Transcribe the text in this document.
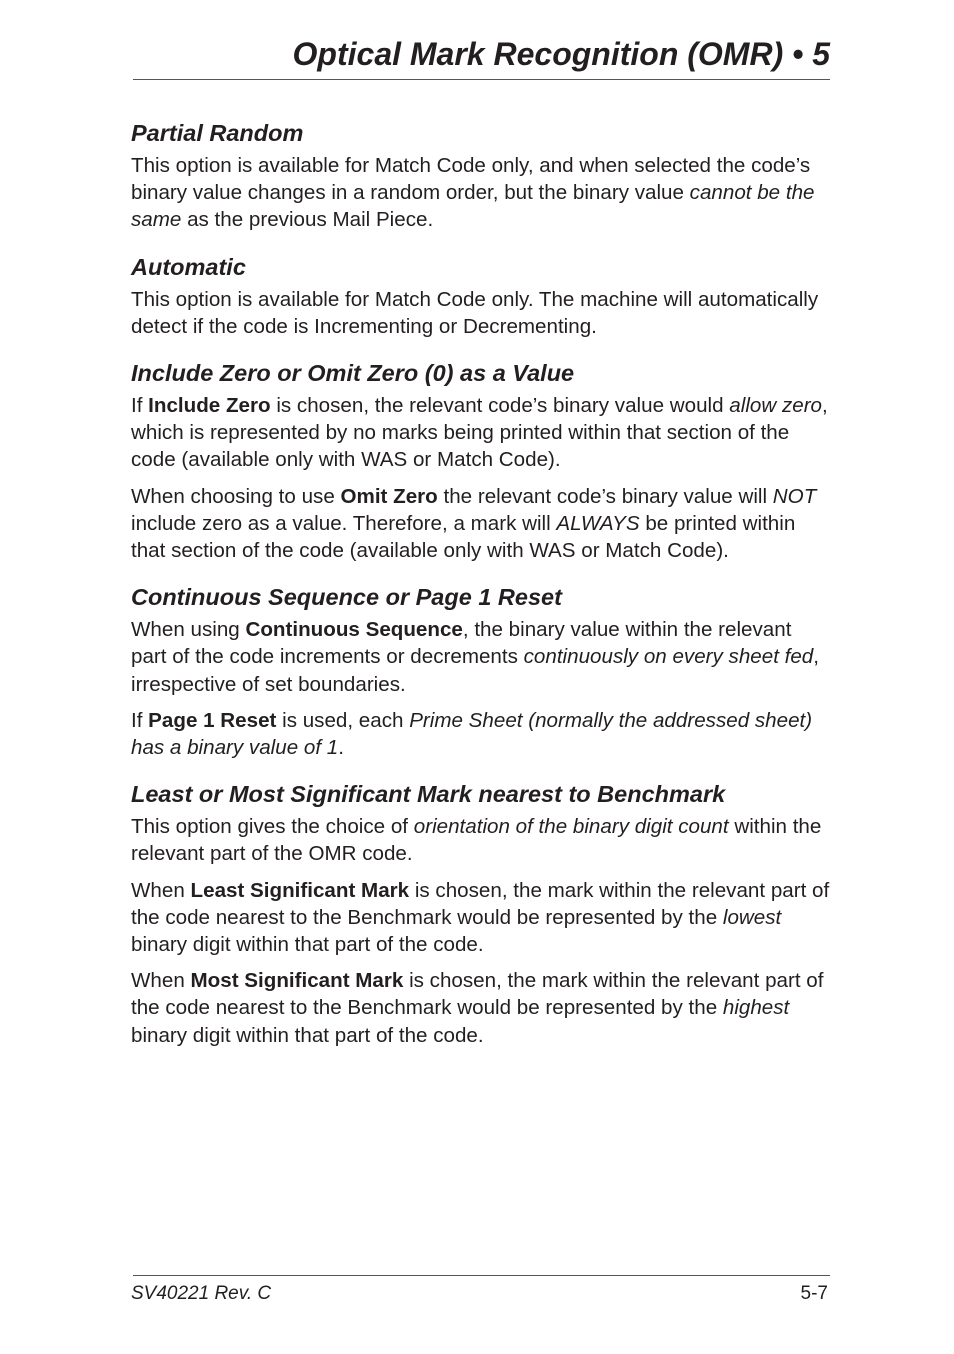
Optical Mark Recognition (OMR) • 5
Partial Random

This option is available for Match Code only, and when selected the code’s binary value changes in a random order, but the binary value cannot be the same as the previous Mail Piece.

Automatic

This option is available for Match Code only. The machine will automatically detect if the code is Incrementing or Decrementing.

Include Zero or Omit Zero (0) as a Value

If Include Zero is chosen, the relevant code’s binary value would allow zero, which is represented by no marks being printed within that section of the code (available only with WAS or Match Code).

When choosing to use Omit Zero the relevant code’s binary value will NOT include zero as a value. Therefore, a mark will ALWAYS be printed within that section of the code (available only with WAS or Match Code).

Continuous Sequence or Page 1 Reset

When using Continuous Sequence, the binary value within the relevant part of the code increments or decrements continuously on every sheet fed, irrespective of set boundaries.

If Page 1 Reset is used, each Prime Sheet (normally the addressed sheet) has a binary value of 1.

Least or Most Significant Mark nearest to Benchmark

This option gives the choice of orientation of the binary digit count within the relevant part of the OMR code.

When Least Significant Mark is chosen, the mark within the relevant part of the code nearest to the Benchmark would be represented by the lowest binary digit within that part of the code.

When Most Significant Mark is chosen, the mark within the relevant part of the code nearest to the Benchmark would be represented by the highest binary digit within that part of the code.

SV40221 Rev. C	5-7
